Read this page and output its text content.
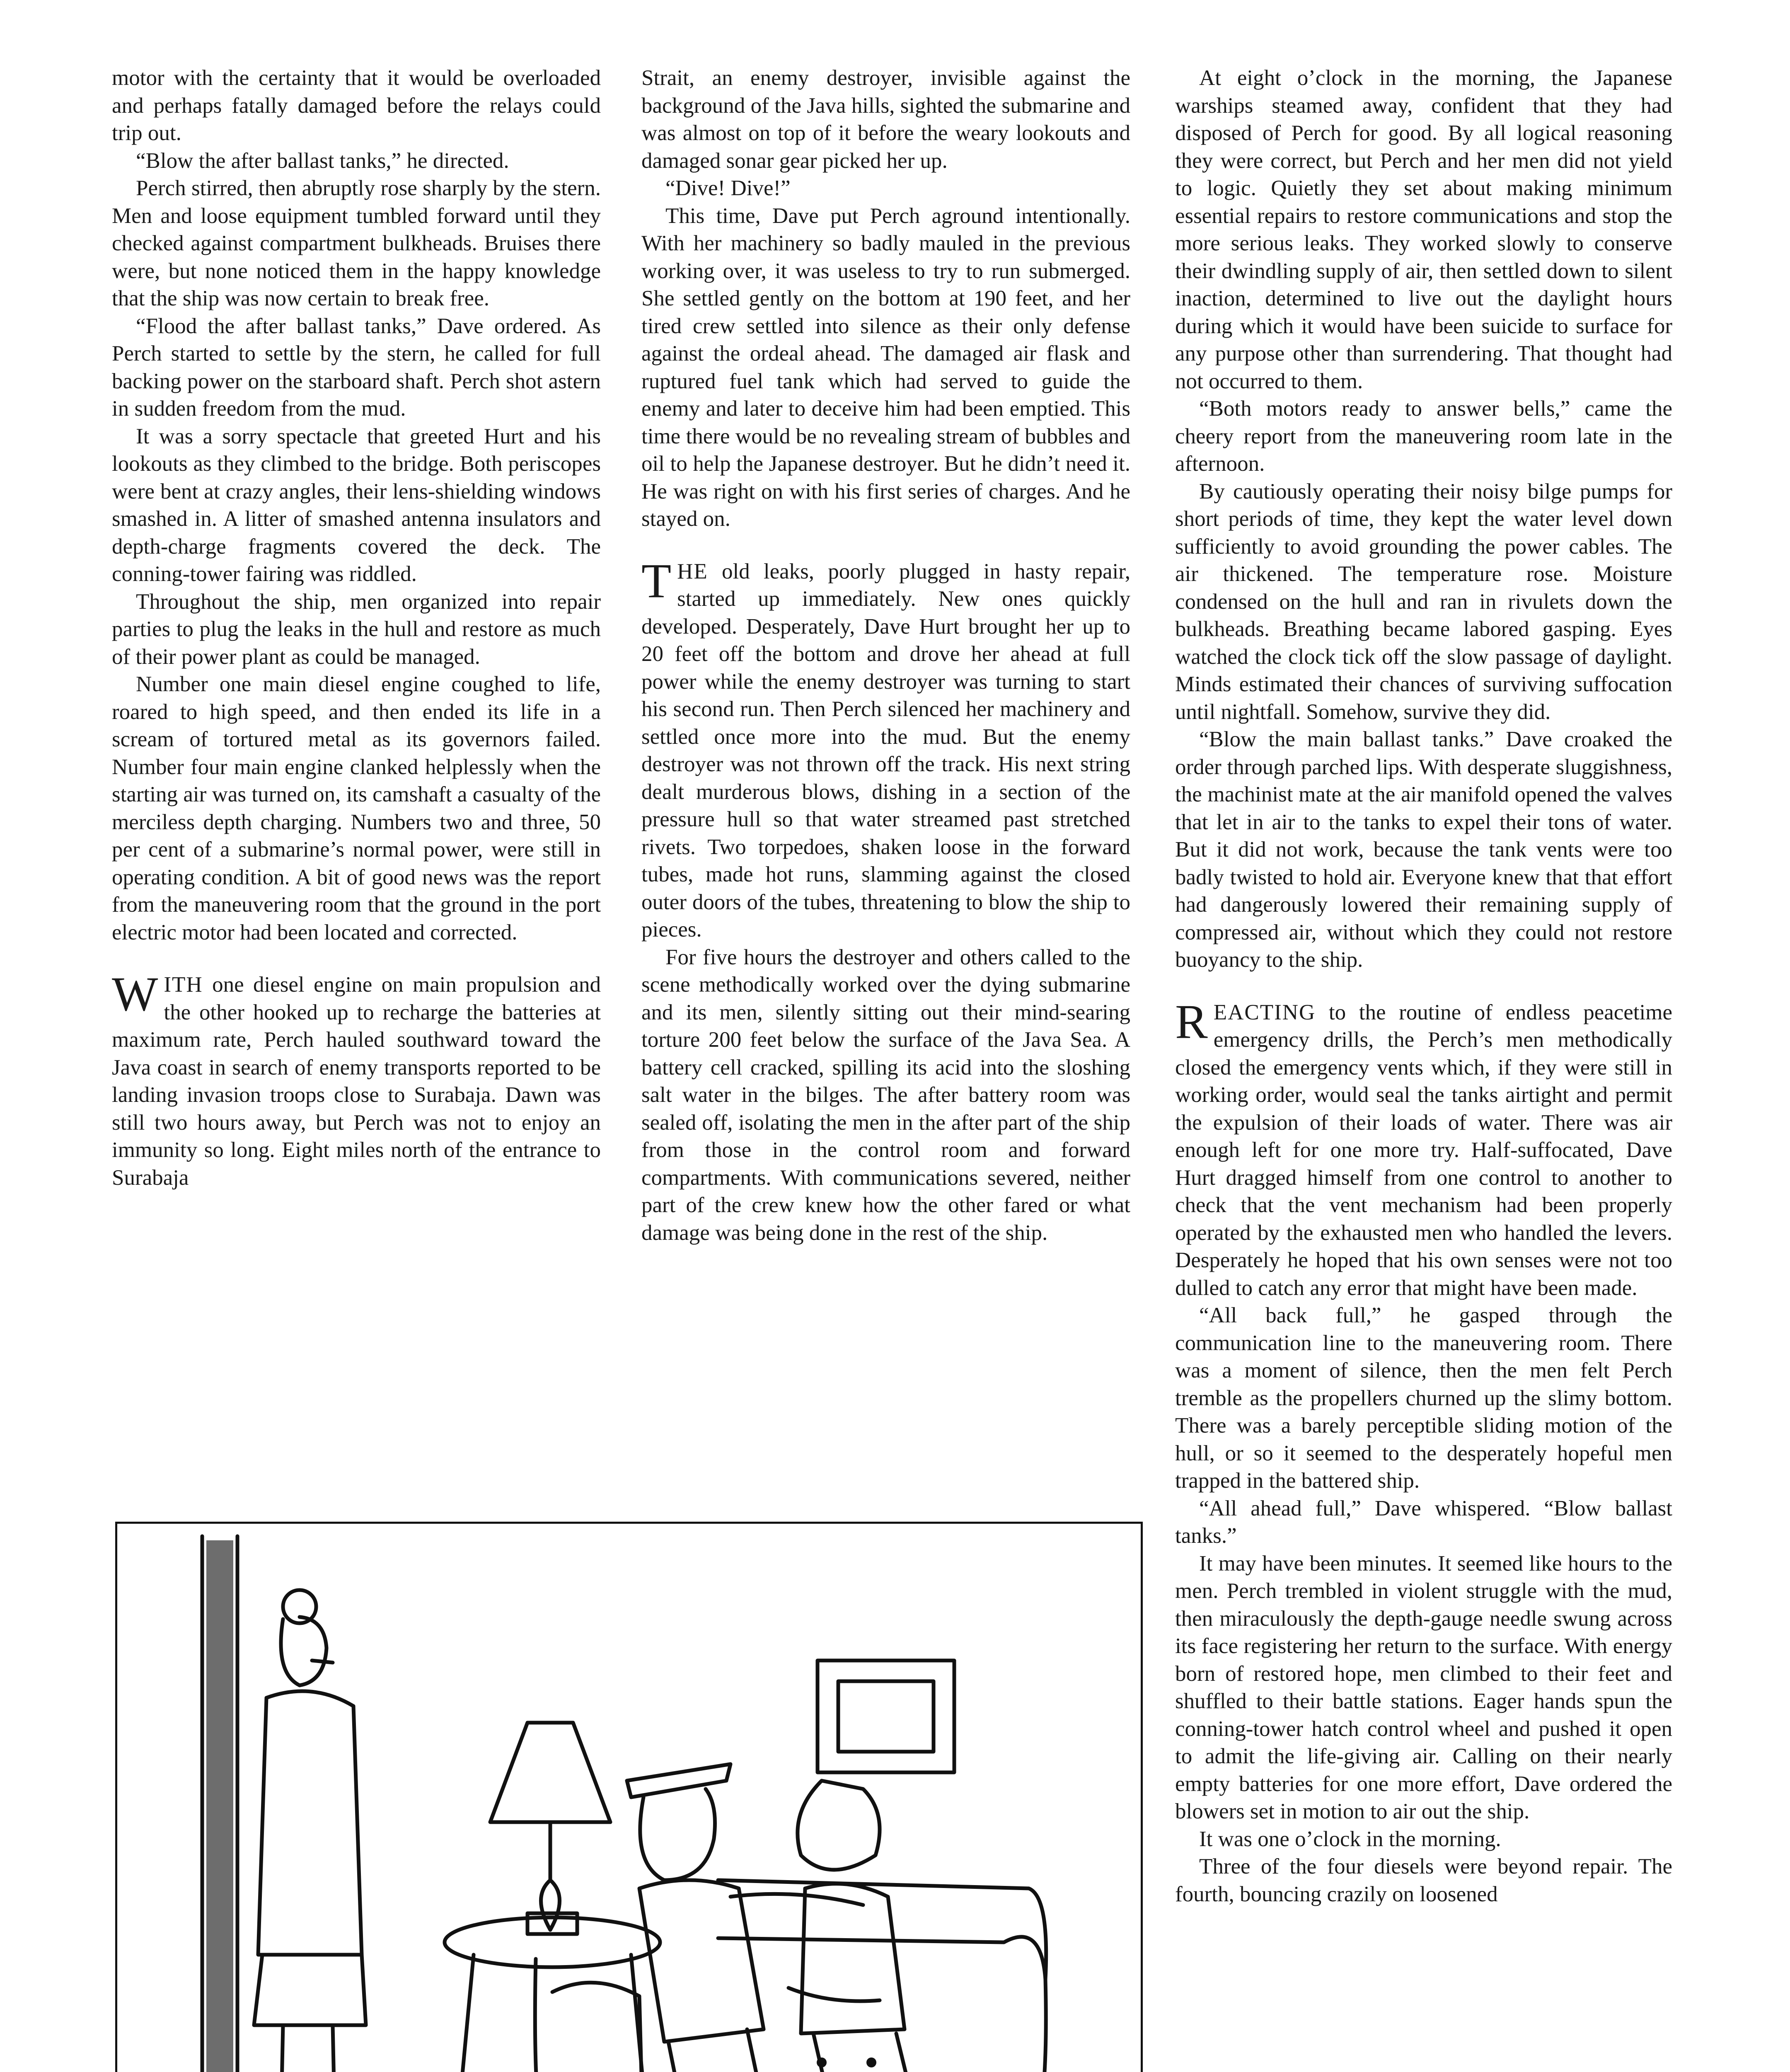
motor with the certainty that it would be overloaded and perhaps fatally damaged before the relays could trip out.

“Blow the after ballast tanks,” he directed.

Perch stirred, then abruptly rose sharply by the stern. Men and loose equipment tumbled forward until they checked against compartment bulkheads. Bruises there were, but none noticed them in the happy knowledge that the ship was now certain to break free.

“Flood the after ballast tanks,” Dave ordered. As Perch started to settle by the stern, he called for full backing power on the starboard shaft. Perch shot astern in sudden freedom from the mud.

It was a sorry spectacle that greeted Hurt and his lookouts as they climbed to the bridge. Both periscopes were bent at crazy angles, their lens-shielding windows smashed in. A litter of smashed antenna insulators and depth-charge fragments covered the deck. The conning-tower fairing was riddled.

Throughout the ship, men organized into repair parties to plug the leaks in the hull and restore as much of their power plant as could be managed.

Number one main diesel engine coughed to life, roared to high speed, and then ended its life in a scream of tortured metal as its governors failed. Number four main engine clanked helplessly when the starting air was turned on, its camshaft a casualty of the merciless depth charging. Numbers two and three, 50 per cent of a submarine’s normal power, were still in operating condition. A bit of good news was the report from the maneuvering room that the ground in the port electric motor had been located and corrected.

WITH one diesel engine on main propulsion and the other hooked up to recharge the batteries at maximum rate, Perch hauled southward toward the Java coast in search of enemy transports reported to be landing invasion troops close to Surabaja. Dawn was still two hours away, but Perch was not to enjoy an immunity so long. Eight miles north of the entrance to Surabaja

Strait, an enemy destroyer, invisible against the background of the Java hills, sighted the submarine and was almost on top of it before the weary lookouts and damaged sonar gear picked her up.

“Dive! Dive!”

This time, Dave put Perch aground intentionally. With her machinery so badly mauled in the previous working over, it was useless to try to run submerged. She settled gently on the bottom at 190 feet, and her tired crew settled into silence as their only defense against the ordeal ahead. The damaged air flask and ruptured fuel tank which had served to guide the enemy and later to deceive him had been emptied. This time there would be no revealing stream of bubbles and oil to help the Japanese destroyer. But he didn’t need it. He was right on with his first series of charges. And he stayed on.

THE old leaks, poorly plugged in hasty repair, started up immediately. New ones quickly developed. Desperately, Dave Hurt brought her up to 20 feet off the bottom and drove her ahead at full power while the enemy destroyer was turning to start his second run. Then Perch silenced her machinery and settled once more into the mud. But the enemy destroyer was not thrown off the track. His next string dealt murderous blows, dishing in a section of the pressure hull so that water streamed past stretched rivets. Two torpedoes, shaken loose in the forward tubes, made hot runs, slamming against the closed outer doors of the tubes, threatening to blow the ship to pieces.

For five hours the destroyer and others called to the scene methodically worked over the dying submarine and its men, silently sitting out their mind-searing torture 200 feet below the surface of the Java Sea. A battery cell cracked, spilling its acid into the sloshing salt water in the bilges. The after battery room was sealed off, isolating the men in the after part of the ship from those in the control room and forward compartments. With communications severed, neither part of the crew knew how the other fared or what damage was being done in the rest of the ship.

At eight o’clock in the morning, the Japanese warships steamed away, confident that they had disposed of Perch for good. By all logical reasoning they were correct, but Perch and her men did not yield to logic. Quietly they set about making minimum essential repairs to restore communications and stop the more serious leaks. They worked slowly to conserve their dwindling supply of air, then settled down to silent inaction, determined to live out the daylight hours during which it would have been suicide to surface for any purpose other than surrendering. That thought had not occurred to them.

“Both motors ready to answer bells,” came the cheery report from the maneuvering room late in the afternoon.

By cautiously operating their noisy bilge pumps for short periods of time, they kept the water level down sufficiently to avoid grounding the power cables. The air thickened. The temperature rose. Moisture condensed on the hull and ran in rivulets down the bulkheads. Breathing became labored gasping. Eyes watched the clock tick off the slow passage of daylight. Minds estimated their chances of surviving suffocation until nightfall. Somehow, survive they did.

“Blow the main ballast tanks.” Dave croaked the order through parched lips. With desperate sluggishness, the machinist mate at the air manifold opened the valves that let in air to the tanks to expel their tons of water. But it did not work, because the tank vents were too badly twisted to hold air. Everyone knew that that effort had dangerously lowered their remaining supply of compressed air, without which they could not restore buoyancy to the ship.

REACTING to the routine of endless peacetime emergency drills, the Perch’s men methodically closed the emergency vents which, if they were still in working order, would seal the tanks airtight and permit the expulsion of their loads of water. There was air enough left for one more try. Half-suffocated, Dave Hurt dragged himself from one control to another to check that the vent mechanism had been properly operated by the exhausted men who handled the levers. Desperately he hoped that his own senses were not too dulled to catch any error that might have been made.

“All back full,” he gasped through the communication line to the maneuvering room. There was a moment of silence, then the men felt Perch tremble as the propellers churned up the slimy bottom. There was a barely perceptible sliding motion of the hull, or so it seemed to the desperately hopeful men trapped in the battered ship.

“All ahead full,” Dave whispered. “Blow ballast tanks.”

It may have been minutes. It seemed like hours to the men. Perch trembled in violent struggle with the mud, then miraculously the depth-gauge needle swung across its face registering her return to the surface. With energy born of restored hope, men climbed to their feet and shuffled to their battle stations. Eager hands spun the conning-tower hatch control wheel and pushed it open to admit the life-giving air. Calling on their nearly empty batteries for one more effort, Dave ordered the blowers set in motion to air out the ship.

It was one o’clock in the morning.

Three of the four diesels were beyond repair. The fourth, bouncing crazily on loosened
